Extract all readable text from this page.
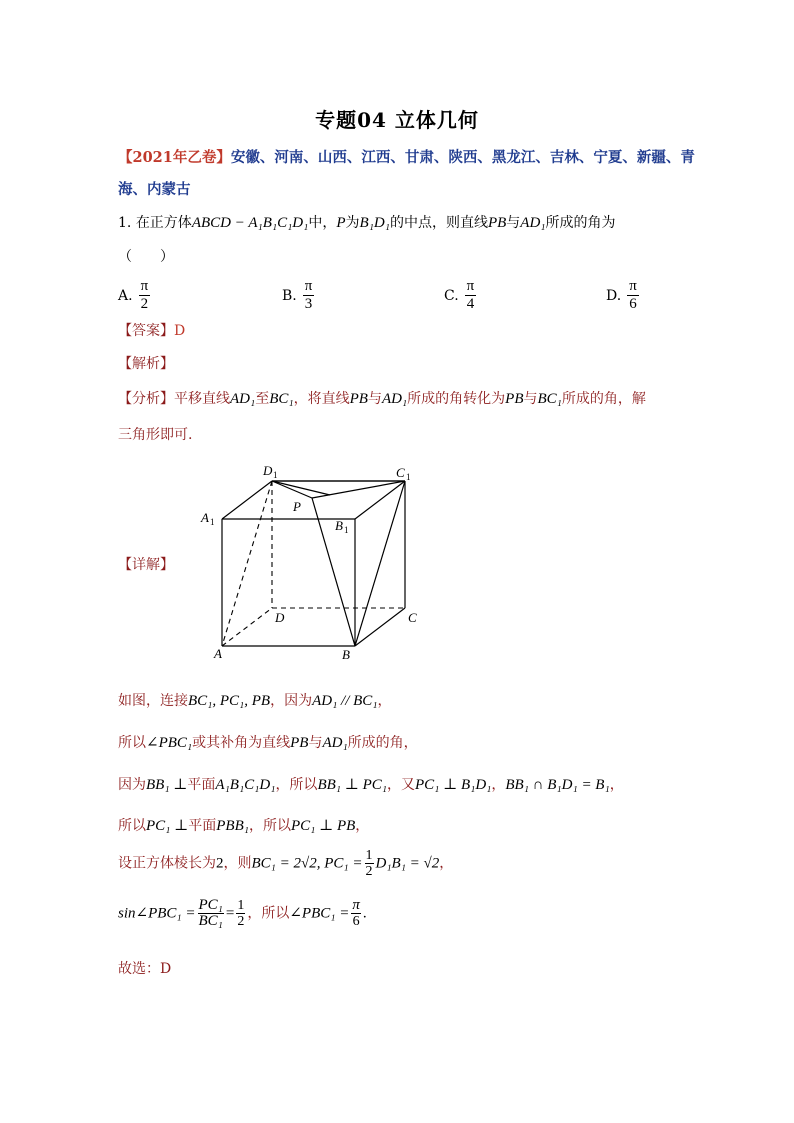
专题04 立体几何
【2021年乙卷】安徽、河南、山西、江西、甘肃、陕西、黑龙江、吉林、宁夏、新疆、青
海、内蒙古
1. 在正方体ABCD − A₁B₁C₁D₁中，P为B₁D₁的中点，则直线PB与AD₁所成的角为
（　　）
A. $\frac{\pi}{2}$	B. $\frac{\pi}{3}$	C. $\frac{\pi}{4}$	D. $\frac{\pi}{6}$
【答案】D
【解析】
【分析】平移直线AD₁至BC₁，将直线PB与AD₁所成的角转化为PB与BC₁所成的角，解
三角形即可.
【详解】
D 1	C 1
A 1	B 1
D	C
A	B
P
如图，连接BC₁, PC₁, PB，因为AD₁ // BC₁，
所以∠PBC₁或其补角为直线PB与AD₁所成的角，
因为BB₁ ⊥平面A₁B₁C₁D₁，所以BB₁ ⊥ PC₁，又PC₁ ⊥ B₁D₁，BB₁ ∩ B₁D₁ = B₁，
所以PC₁ ⊥平面PBB₁，所以PC₁ ⊥ PB，
设正方体棱长为2，则BC₁ = 2√2, $PC_1 = \frac{1}{2} D_1B_1 = √2$，
sin∠PBC₁ = $\frac{\text{PC₁}}{\text{BC₁}} = \frac{1}{2}$ ，所以∠PBC₁ = $\frac{\pi}{6}$ .
故选：D
